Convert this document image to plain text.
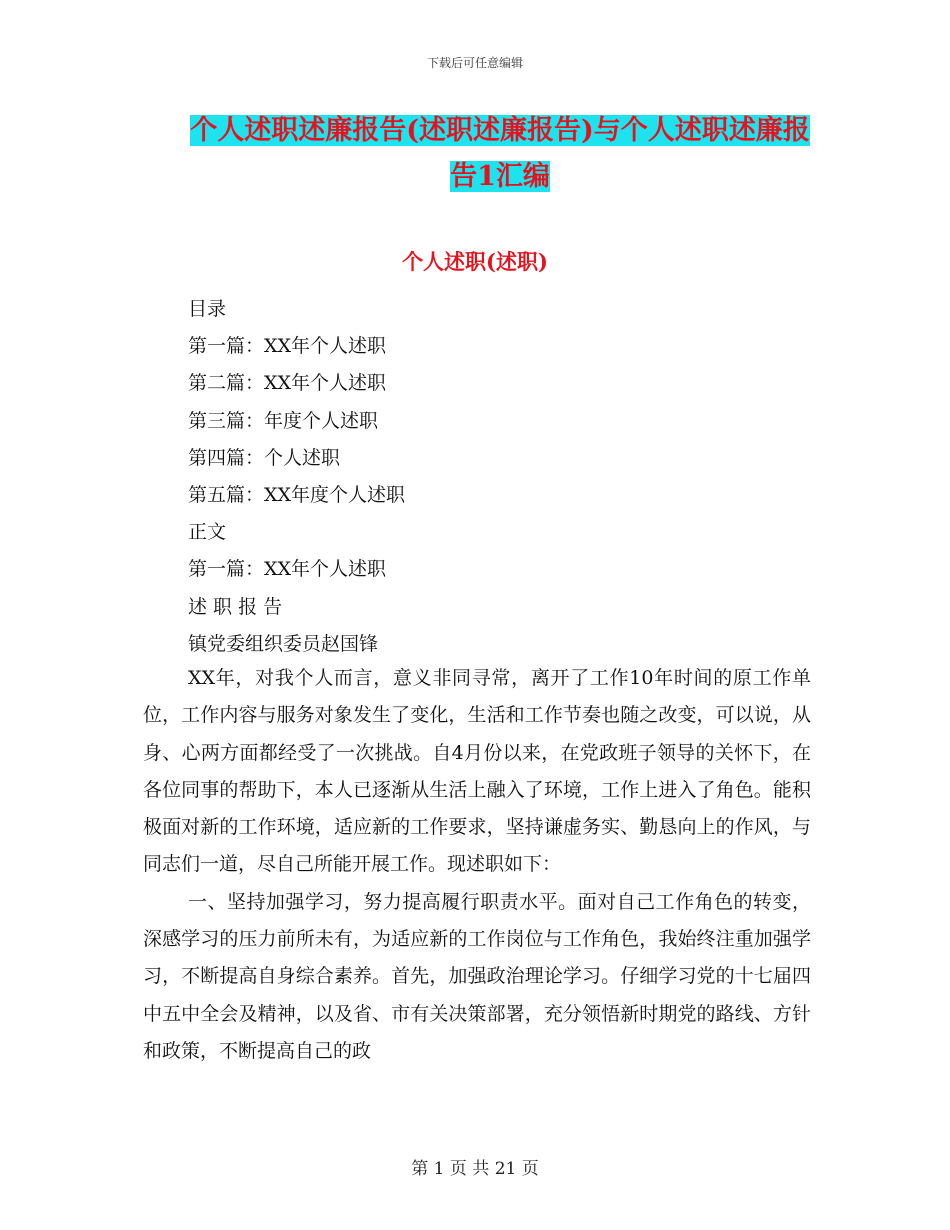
下载后可任意编辑
个人述职述廉报告(述职述廉报告)与个人述职述廉报
告1汇编
个人述职(述职)
目录
第一篇：XX年个人述职
第二篇：XX年个人述职
第三篇：年度个人述职
第四篇：个人述职
第五篇：XX年度个人述职
正文
第一篇：XX年个人述职
述 职 报 告
镇党委组织委员赵国锋

XX年，对我个人而言，意义非同寻常，离开了工作10年时间的原工作单位，工作内容与服务对象发生了变化，生活和工作节奏也随之改变，可以说，从身、心两方面都经受了一次挑战。自4月份以来，在党政班子领导的关怀下，在各位同事的帮助下，本人已逐渐从生活上融入了环境，工作上进入了角色。能积极面对新的工作环境，适应新的工作要求，坚持谦虚务实、勤恳向上的作风，与同志们一道，尽自己所能开展工作。现述职如下：

一、坚持加强学习，努力提高履行职责水平。面对自己工作角色的转变，深感学习的压力前所未有，为适应新的工作岗位与工作角色，我始终注重加强学习，不断提高自身综合素养。首先，加强政治理论学习。仔细学习党的十七届四中五中全会及精神，以及省、市有关决策部署，充分领悟新时期党的路线、方针和政策，不断提高自己的政

第 1 页 共 21 页
